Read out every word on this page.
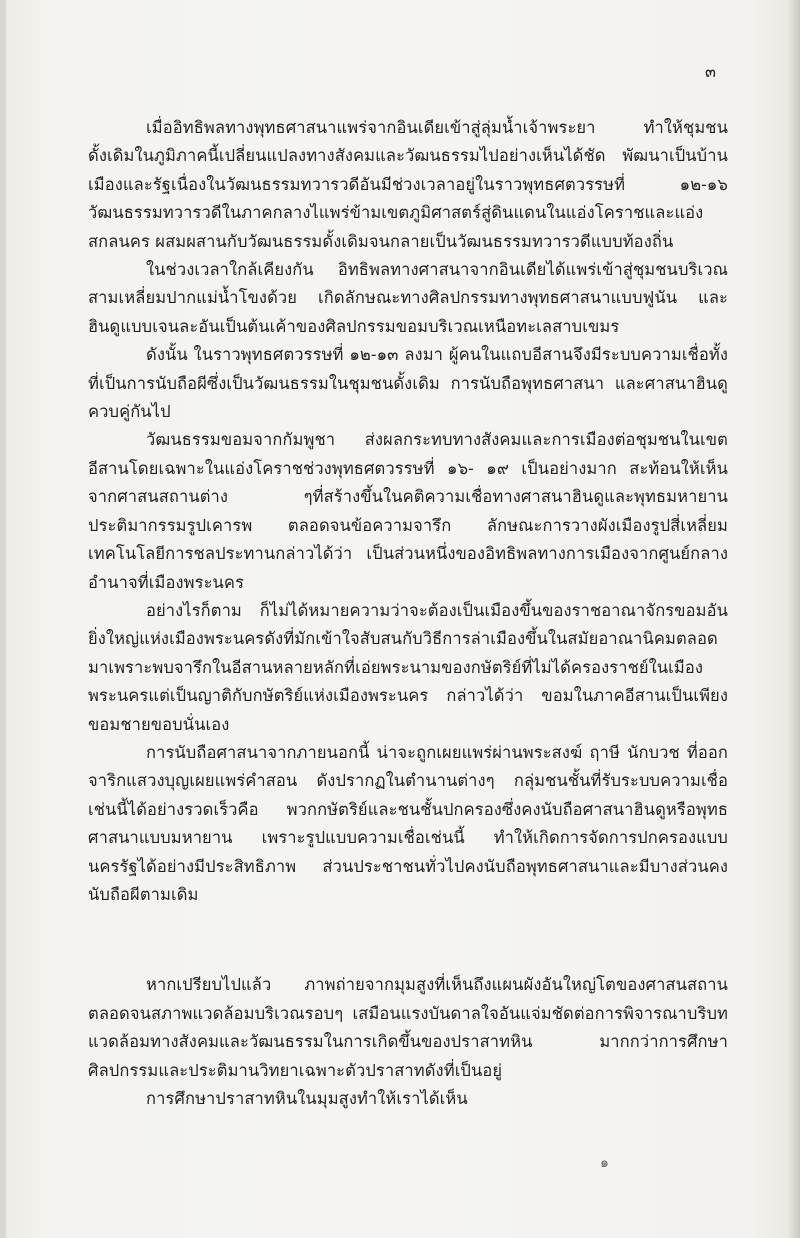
๓

เมื่ออิทธิพลทางพุทธศาสนาแพร่จากอินเดียเข้าสู่ลุ่มน้ำเจ้าพระยา ทำให้ชุมชนดั้งเดิมในภูมิภาคนี้เปลี่ยนแปลงทางสังคมและวัฒนธรรมไปอย่างเห็นได้ชัด พัฒนาเป็นบ้านเมืองและรัฐเนื่องในวัฒนธรรมทวารวดีอันมีช่วงเวลาอยู่ในราวพุทธศตวรรษที่ ๑๒-๑๖ วัฒนธรรมทวารวดีในภาคกลางไแพร่ข้ามเขตภูมิศาสตร์สู่ดินแดนในแอ่งโคราชและแอ่งสกลนคร ผสมผสานกับวัฒนธรรมดั้งเดิมจนกลายเป็นวัฒนธรรมทวารวดีแบบท้องถิ่น

ในช่วงเวลาใกล้เคียงกัน อิทธิพลทางศาสนาจากอินเดียได้แพร่เข้าสู่ชุมชนบริเวณสามเหลี่ยมปากแม่น้ำโขงด้วย เกิดลักษณะทางศิลปกรรมทางพุทธศาสนาแบบฟูนัน และฮินดูแบบเจนละอันเป็นต้นเค้าของศิลปกรรมขอมบริเวณเหนือทะเลสาบเขมร

ดังนั้น ในราวพุทธศตวรรษที่ ๑๒-๑๓ ลงมา ผู้คนในแถบอีสานจึงมีระบบความเชื่อทั้งที่เป็นการนับถือผีซึ่งเป็นวัฒนธรรมในชุมชนดั้งเดิม การนับถือพุทธศาสนา และศาสนาฮินดูควบคู่กันไป

วัฒนธรรมขอมจากกัมพูชา ส่งผลกระทบทางสังคมและการเมืองต่อชุมชนในเขตอีสานโดยเฉพาะในแอ่งโคราชช่วงพุทธศตวรรษที่ ๑๖- ๑๙ เป็นอย่างมาก สะท้อนให้เห็นจากศาสนสถานต่าง ๆที่สร้างขึ้นในคติความเชื่อทางศาสนาฮินดูและพุทธมหายาน ประติมากรรมรูปเคารพ ตลอดจนข้อความจารึก ลักษณะการวางผังเมืองรูปสี่เหลี่ยม เทคโนโลยีการชลประทานกล่าวได้ว่า เป็นส่วนหนึ่งของอิทธิพลทางการเมืองจากศูนย์กลางอำนาจที่เมืองพระนคร

อย่างไรก็ตาม ก็ไม่ได้หมายความว่าจะต้องเป็นเมืองขึ้นของราชอาณาจักรขอมอันยิ่งใหญ่แห่งเมืองพระนครดังที่มักเข้าใจสับสนกับวิธีการล่าเมืองขึ้นในสมัยอาณานิคมตลอดมาเพราะพบจารึกในอีสานหลายหลักที่เอ่ยพระนามของกษัตริย์ที่ไม่ได้ครองราชย์ในเมืองพระนครแต่เป็นญาติกับกษัตริย์แห่งเมืองพระนคร กล่าวได้ว่า ขอมในภาคอีสานเป็นเพียงขอมชายขอบนั่นเอง

การนับถือศาสนาจากภายนอกนี้ น่าจะถูกเผยแพร่ผ่านพระสงฆ์ ฤาษี นักบวช ที่ออกจาริกแสวงบุญเผยแพร่คำสอน ดังปรากฏในตำนานต่างๆ กลุ่มชนชั้นที่รับระบบความเชื่อเช่นนี้ได้อย่างรวดเร็วคือ พวกกษัตริย์และชนชั้นปกครองซึ่งคงนับถือศาสนาฮินดูหรือพุทธศาสนาแบบมหายาน เพราะรูปแบบความเชื่อเช่นนี้ ทำให้เกิดการจัดการปกครองแบบนครรัฐได้อย่างมีประสิทธิภาพ ส่วนประชาชนทั่วไปคงนับถือพุทธศาสนาและมีบางส่วนคงนับถือผีตามเดิม

หากเปรียบไปแล้ว ภาพถ่ายจากมุมสูงที่เห็นถึงแผนผังอันใหญ่โตของศาสนสถานตลอดจนสภาพแวดล้อมบริเวณรอบๆ เสมือนแรงบันดาลใจอันแจ่มชัดต่อการพิจารณาบริบทแวดล้อมทางสังคมและวัฒนธรรมในการเกิดขึ้นของปราสาทหิน มากกว่าการศึกษาศิลปกรรมและประติมานวิทยาเฉพาะตัวปราสาทดังที่เป็นอยู่

การศึกษาปราสาทหินในมุมสูงทำให้เราได้เห็น

๑
